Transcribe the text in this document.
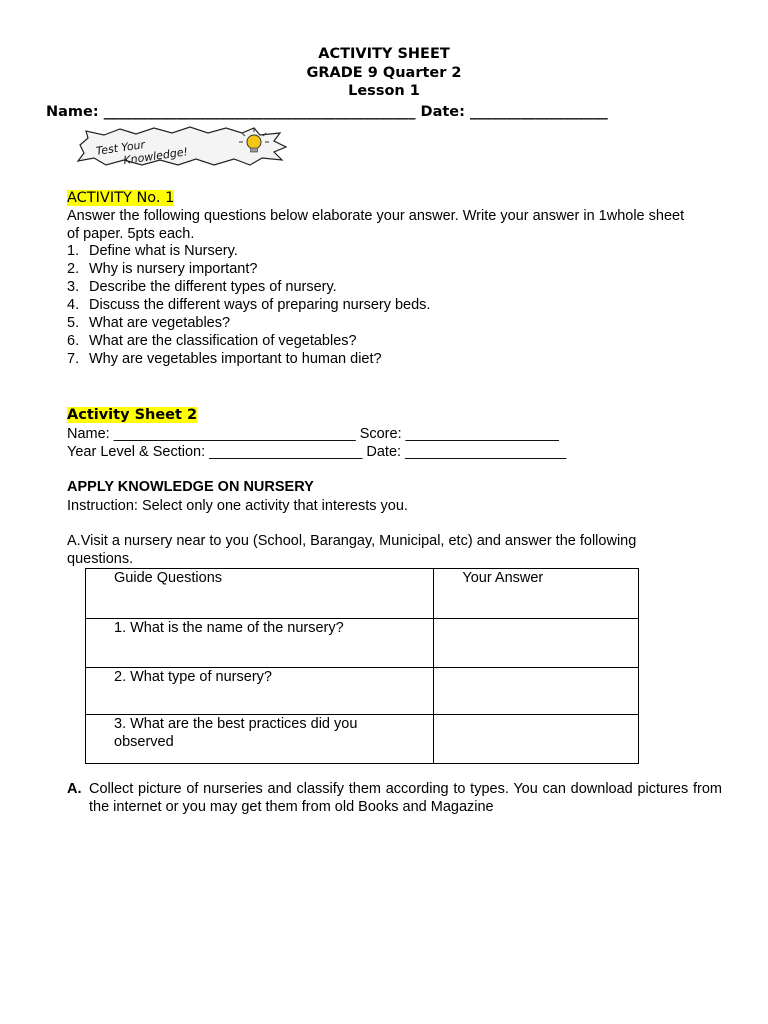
ACTIVITY SHEET
GRADE 9 Quarter 2
Lesson 1
Name: ___________________________________________ Date: ___________________
Test Your
Knowledge!
ACTIVITY No. 1
Answer the following questions below elaborate your answer. Write your answer in 1whole sheet
of paper. 5pts each.
1. Define what is Nursery.
2. Why is nursery important?
3. Describe the different types of nursery.
4. Discuss the different ways of preparing nursery beds.
5. What are vegetables?
6. What are the classification of vegetables?
7. Why are vegetables important to human diet?
Activity Sheet 2
Name: ______________________________ Score: ___________________
Year Level & Section: ___________________ Date: ____________________
APPLY KNOWLEDGE ON NURSERY
Instruction: Select only one activity that interests you.
A.Visit a nursery near to you (School, Barangay, Municipal, etc) and answer the following
questions.
Guide Questions	Your Answer
1. What is the name of the nursery?	
2. What type of nursery?	
3. What are the best practices did you observed	
A. Collect picture of nurseries and classify them according to types. You can download pictures from the internet or you may get them from old Books and Magazine
